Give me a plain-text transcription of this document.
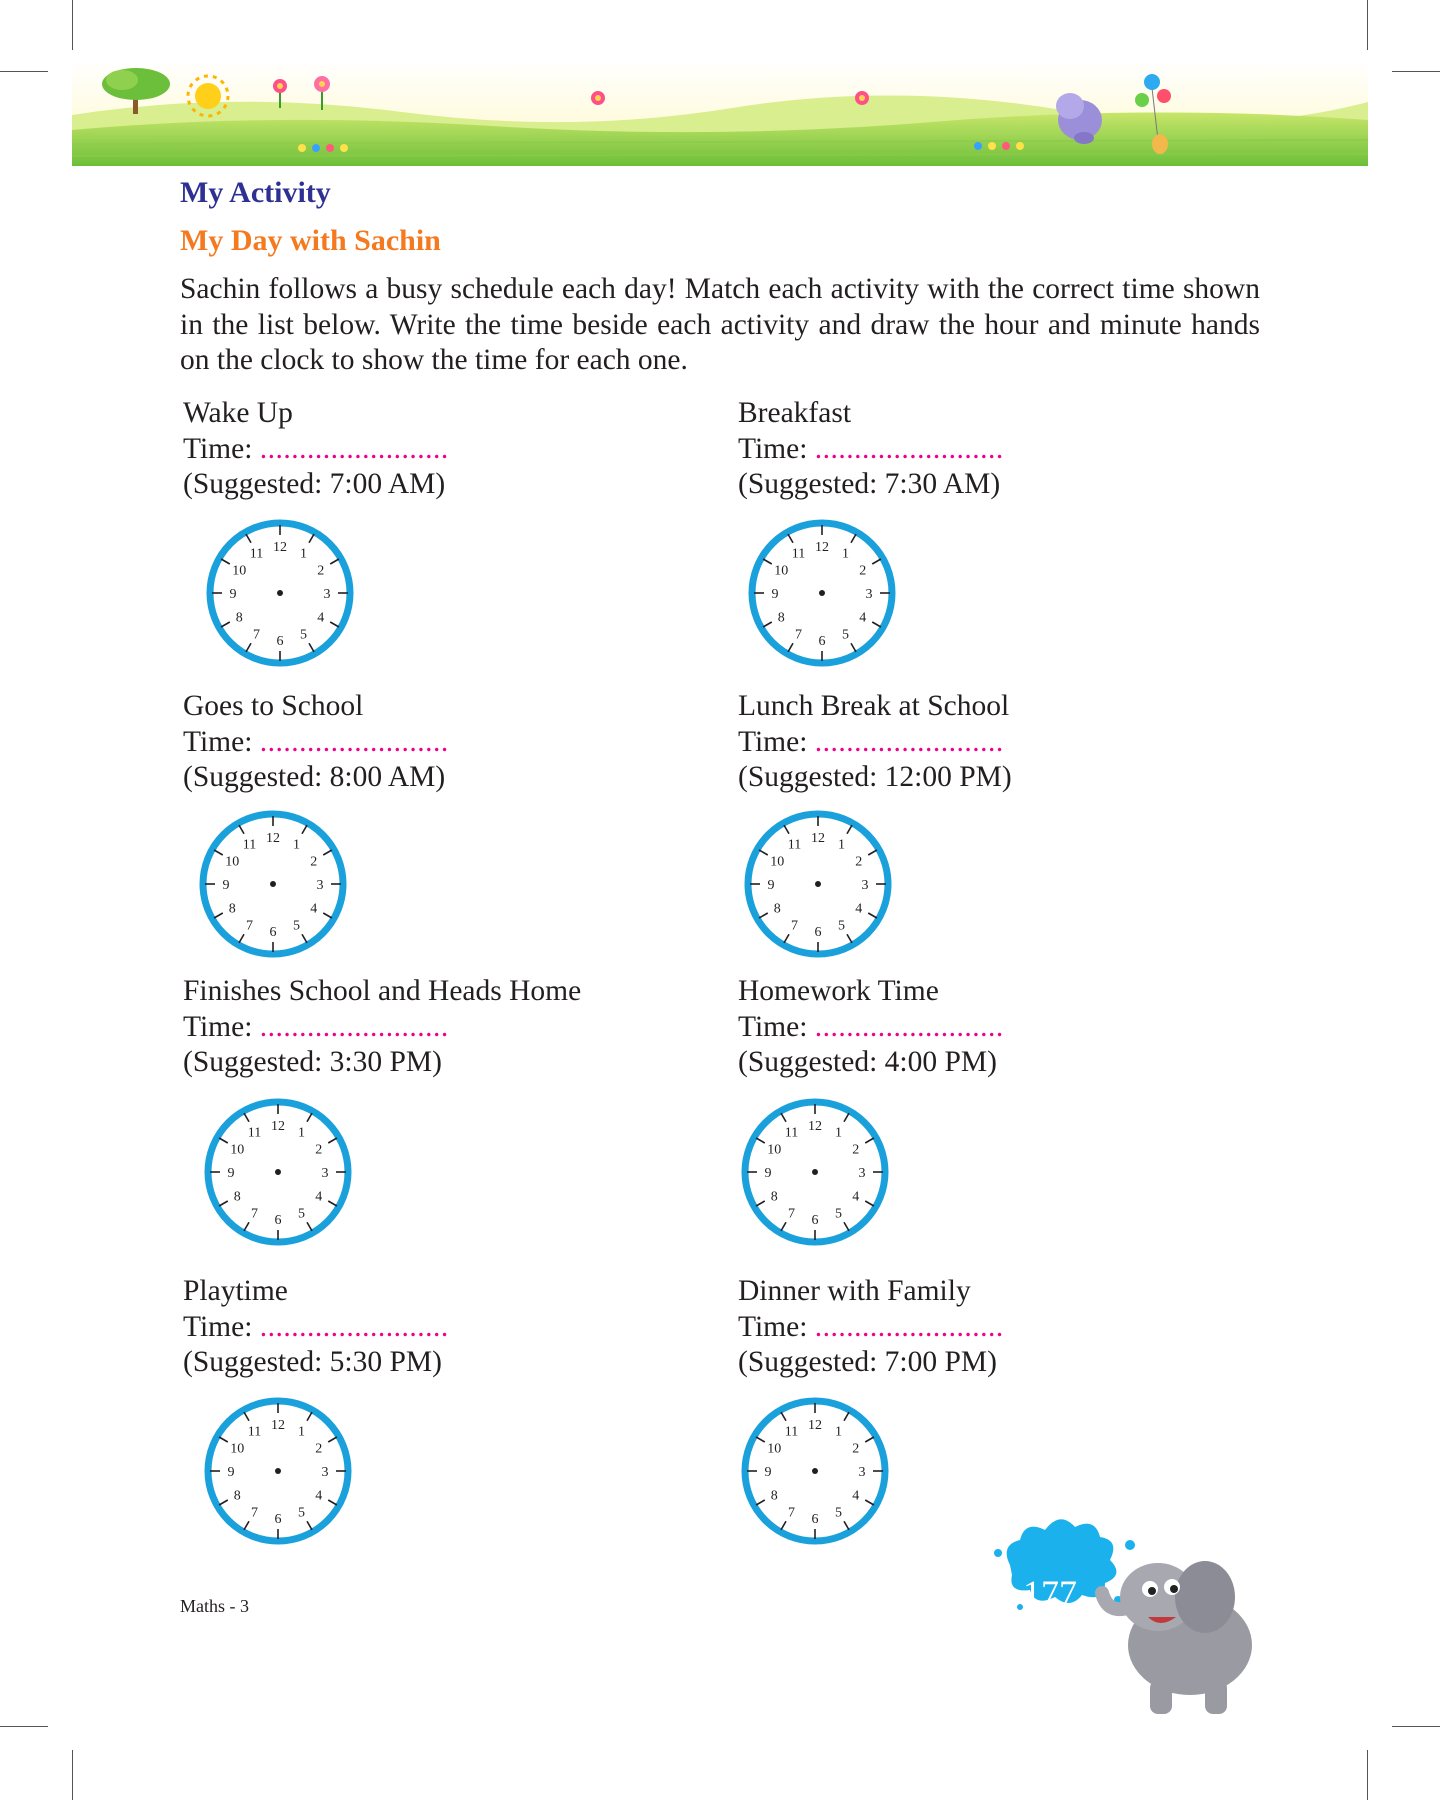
My Activity
My Day with Sachin
Sachin follows a busy schedule each day! Match each activity with the correct time shown in the list below. Write the time beside each activity and draw the hour and minute hands on the clock to show the time for each one.
Wake Up
Time: ........................
(Suggested: 7:00 AM)
12 1
2
3
4
5
6
7
8
9
10
11
Breakfast
Time: ........................
(Suggested: 7:30 AM)
12 1
2
3
4
5
6
7
8
9
10
11
Goes to School
Time: ........................
(Suggested: 8:00 AM)
12 1
2
3
4
5
6
7
8
9
10
11
Lunch Break at School
Time: ........................
(Suggested: 12:00 PM)
12 1
2
3
4
5
6
7
8
9
10
11
Finishes School and Heads Home
Time: ........................
(Suggested: 3:30 PM)
12 1
2
3
4
5
6
7
8
9
10
11
Homework Time
Time: ........................
(Suggested: 4:00 PM)
12 1
2
3
4
5
6
7
8
9
10
11
Playtime
Time: ........................
(Suggested: 5:30 PM)
12 1
2
3
4
5
6
7
8
9
10
11
Dinner with Family
Time: ........................
(Suggested: 7:00 PM)
12 1
2
3
4
5
6
7
8
9
10
11
Maths - 3	177
